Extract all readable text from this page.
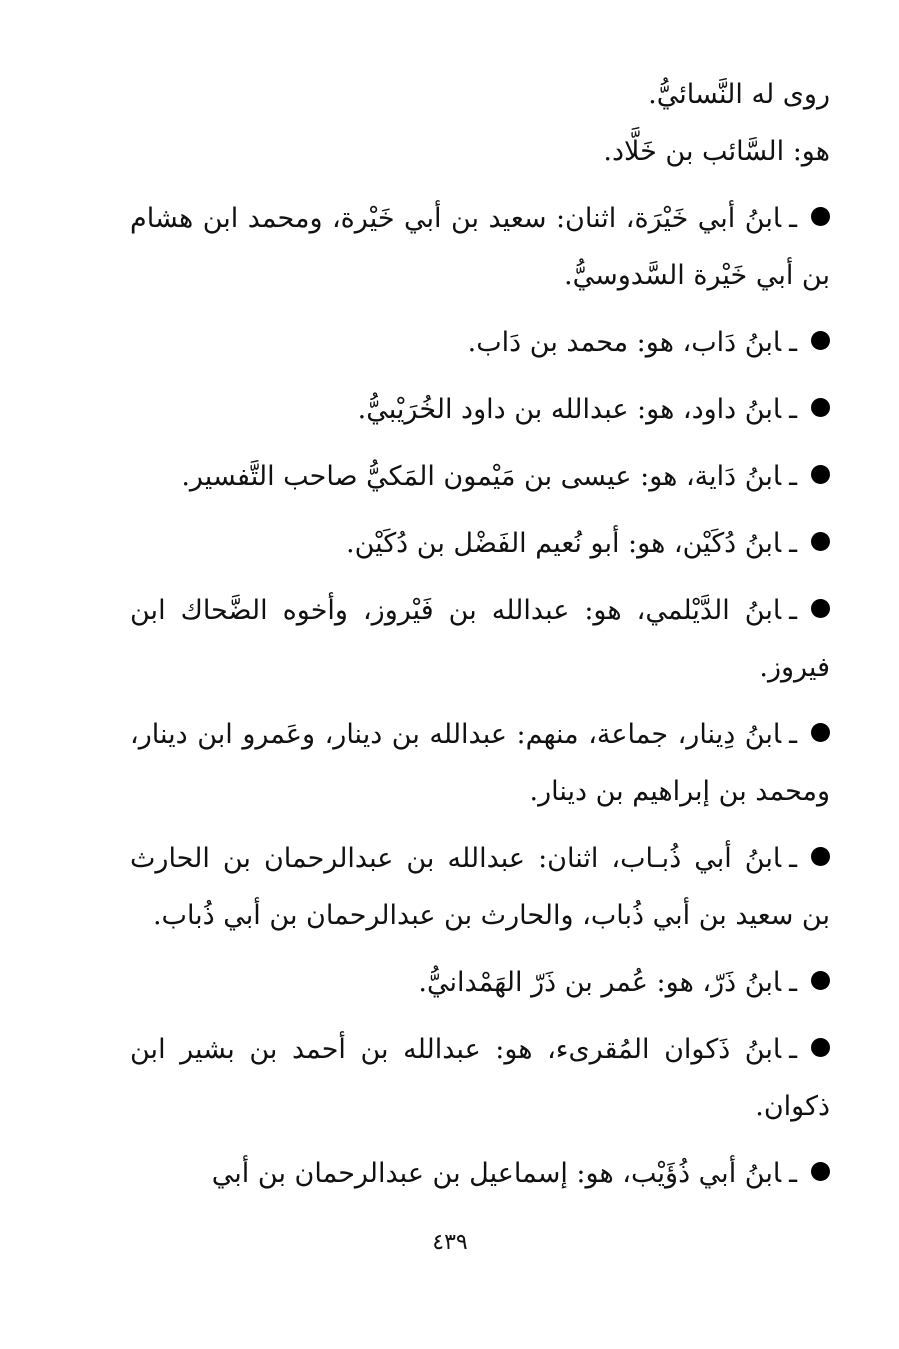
روى له النَّسائيُّ.

هو: السَّائب بن خَلَّاد.

ـابنُ أبي خَيْرَة، اثنان: سعيد بن أبي خَيْرة، ومحمد ابن هشام بن أبي خَيْرة السَّدوسيُّ.

ـابنُ دَاب، هو: محمد بن دَاب.

ـابنُ داود، هو: عبدالله بن داود الخُرَيْبيُّ.

ـابنُ دَاية، هو: عيسى بن مَيْمون المَكيُّ صاحب التَّفسير.

ـابنُ دُكَيْن، هو: أبو نُعيم الفَضْل بن دُكَيْن.

ـابنُ الدَّيْلمي، هو: عبدالله بن فَيْروز، وأخوه الضَّحاك ابن فيروز.

ـابنُ دِينار، جماعة، منهم: عبدالله بن دينار، وعَمرو ابن دينار، ومحمد بن إبراهيم بن دينار.

ـابنُ أبي ذُبـاب، اثنان: عبدالله بن عبدالرحمان بن الحارث بن سعيد بن أبي ذُباب، والحارث بن عبدالرحمان بن أبي ذُباب.

ـابنُ ذَرّ، هو: عُمر بن ذَرّ الهَمْدانيُّ.

ـابنُ ذَكوان المُقرىء، هو: عبدالله بن أحمد بن بشير ابن ذكوان.

ـابنُ أبي ذُؤَيْب، هو: إسماعيل بن عبدالرحمان بن أبي

٤٣٩
